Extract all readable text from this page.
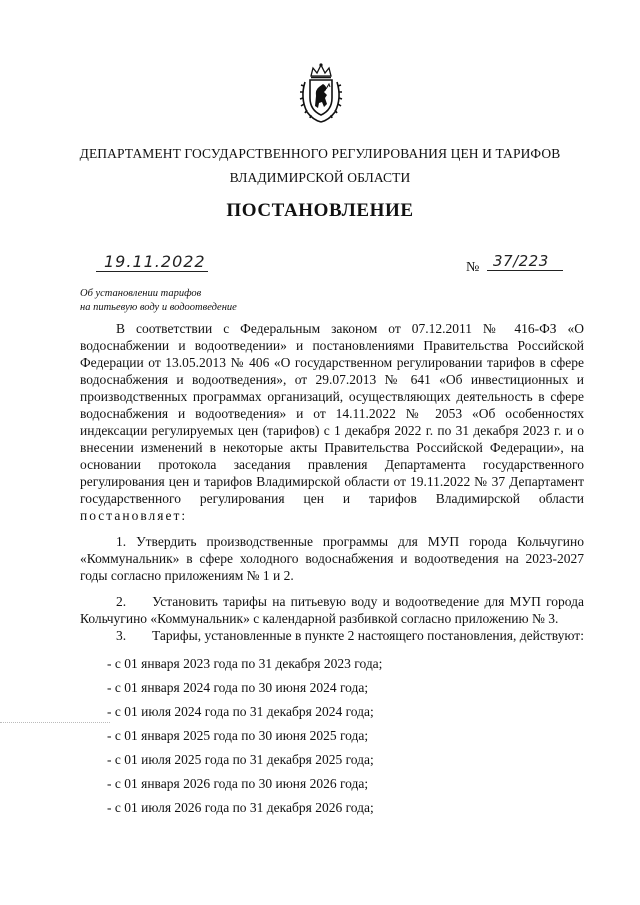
ДЕПАРТАМЕНТ ГОСУДАРСТВЕННОГО РЕГУЛИРОВАНИЯ ЦЕН И ТАРИФОВ
ВЛАДИМИРСКОЙ ОБЛАСТИ
ПОСТАНОВЛЕНИЕ
19.11.2022	№ 37/223
Об установлении тарифов
на питьевую воду и водоотведение

В соответствии с Федеральным законом от 07.12.2011 № 416-ФЗ «О водоснабжении и водоотведении» и постановлениями Правительства Российской Федерации от 13.05.2013 № 406 «О государственном регулировании тарифов в сфере водоснабжения и водоотведения», от 29.07.2013 № 641 «Об инвестиционных и производственных программах организаций, осуществляющих деятельность в сфере водоснабжения и водоотведения» и от 14.11.2022 № 2053 «Об особенностях индексации регулируемых цен (тарифов) с 1 декабря 2022 г. по 31 декабря 2023 г. и о внесении изменений в некоторые акты Правительства Российской Федерации», на основании протокола заседания правления Департамента государственного регулирования цен и тарифов Владимирской области от 19.11.2022 № 37 Департамент государственного регулирования цен и тарифов Владимирской области постановляет:

1. Утвердить производственные программы для МУП города Кольчугино «Коммунальник» в сфере холодного водоснабжения и водоотведения на 2023-2027 годы согласно приложениям № 1 и 2.

2.     Установить тарифы на питьевую воду и водоотведение для МУП города Кольчугино «Коммунальник» с календарной разбивкой согласно приложению № 3.

3. Тарифы, установленные в пункте 2 настоящего постановления, действуют:

- с 01 января 2023 года по 31 декабря 2023 года;
- с 01 января 2024 года по 30 июня 2024 года;
- с 01 июля 2024 года по 31 декабря 2024 года;
- с 01 января 2025 года по 30 июня 2025 года;
- с 01 июля 2025 года по 31 декабря 2025 года;
- с 01 января 2026 года по 30 июня 2026 года;
- с 01 июля 2026 года по 31 декабря 2026 года;
